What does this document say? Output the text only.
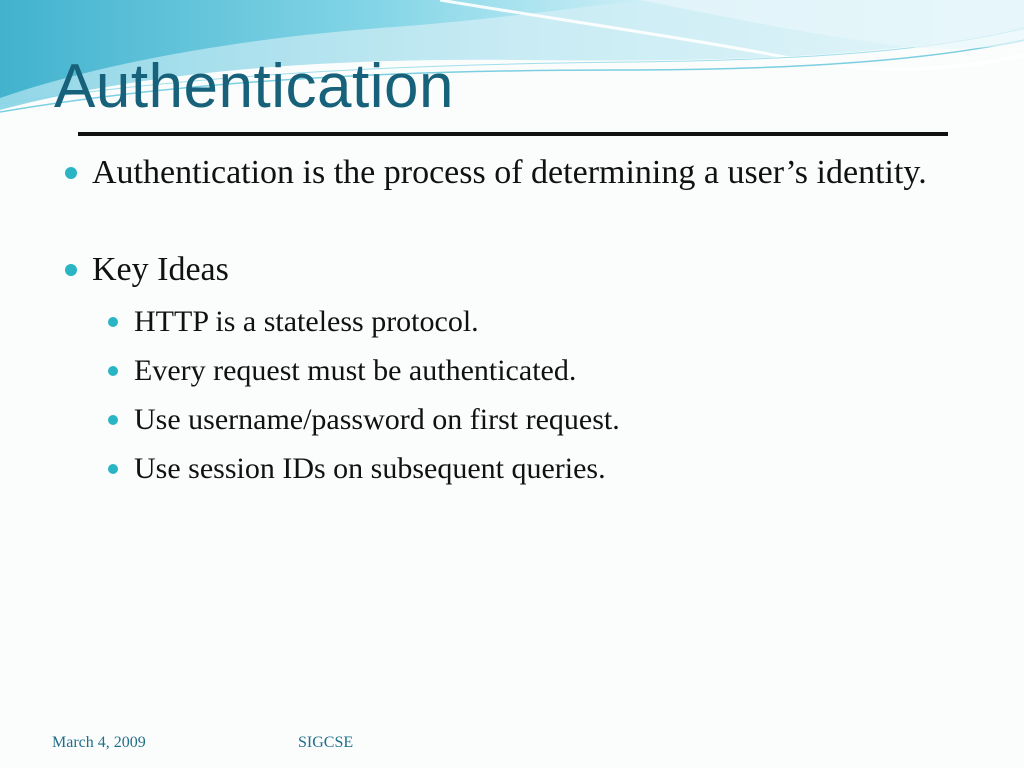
Authentication
Authentication is the process of determining a user’s identity.
Key Ideas
HTTP is a stateless protocol.
Every request must be authenticated.
Use username/password on first request.
Use session IDs on subsequent queries.
March 4, 2009	SIGCSE
